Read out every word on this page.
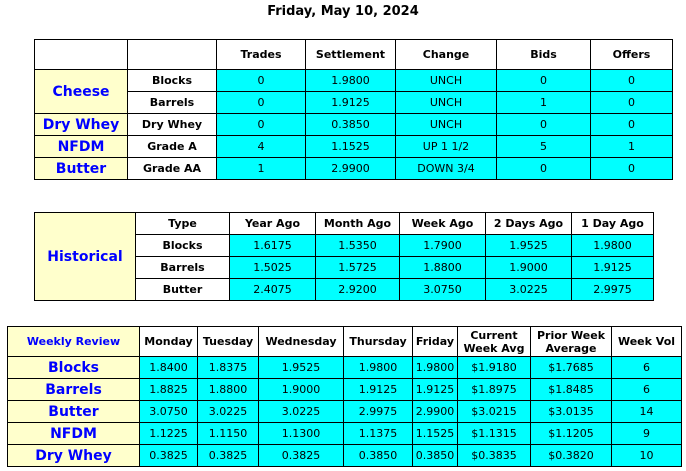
Friday, May 10, 2024
		Trades	Settlement	Change	Bids	Offers
Cheese	Blocks	0	1.9800	UNCH	0	0
	Barrels	0	1.9125	UNCH	1	0
Dry Whey	Dry Whey	0	0.3850	UNCH	0	0
NFDM	Grade A	4	1.1525	UP 1 1/2	5	1
Butter	Grade AA	1	2.9900	DOWN 3/4	0	0
Historical	Type	Year Ago	Month Ago	Week Ago	2 Days Ago	1 Day Ago
	Blocks	1.6175	1.5350	1.7900	1.9525	1.9800
	Barrels	1.5025	1.5725	1.8800	1.9000	1.9125
	Butter	2.4075	2.9200	3.0750	3.0225	2.9975
Weekly Review	Monday	Tuesday	Wednesday	Thursday	Friday	Current Week Avg	Prior Week Average	Week Vol
Blocks	1.8400	1.8375	1.9525	1.9800	1.9800	$1.9180	$1.7685	6
Barrels	1.8825	1.8800	1.9000	1.9125	1.9125	$1.8975	$1.8485	6
Butter	3.0750	3.0225	3.0225	2.9975	2.9900	$3.0215	$3.0135	14
NFDM	1.1225	1.1150	1.1300	1.1375	1.1525	$1.1315	$1.1205	9
Dry Whey	0.3825	0.3825	0.3825	0.3850	0.3850	$0.3835	$0.3820	10
